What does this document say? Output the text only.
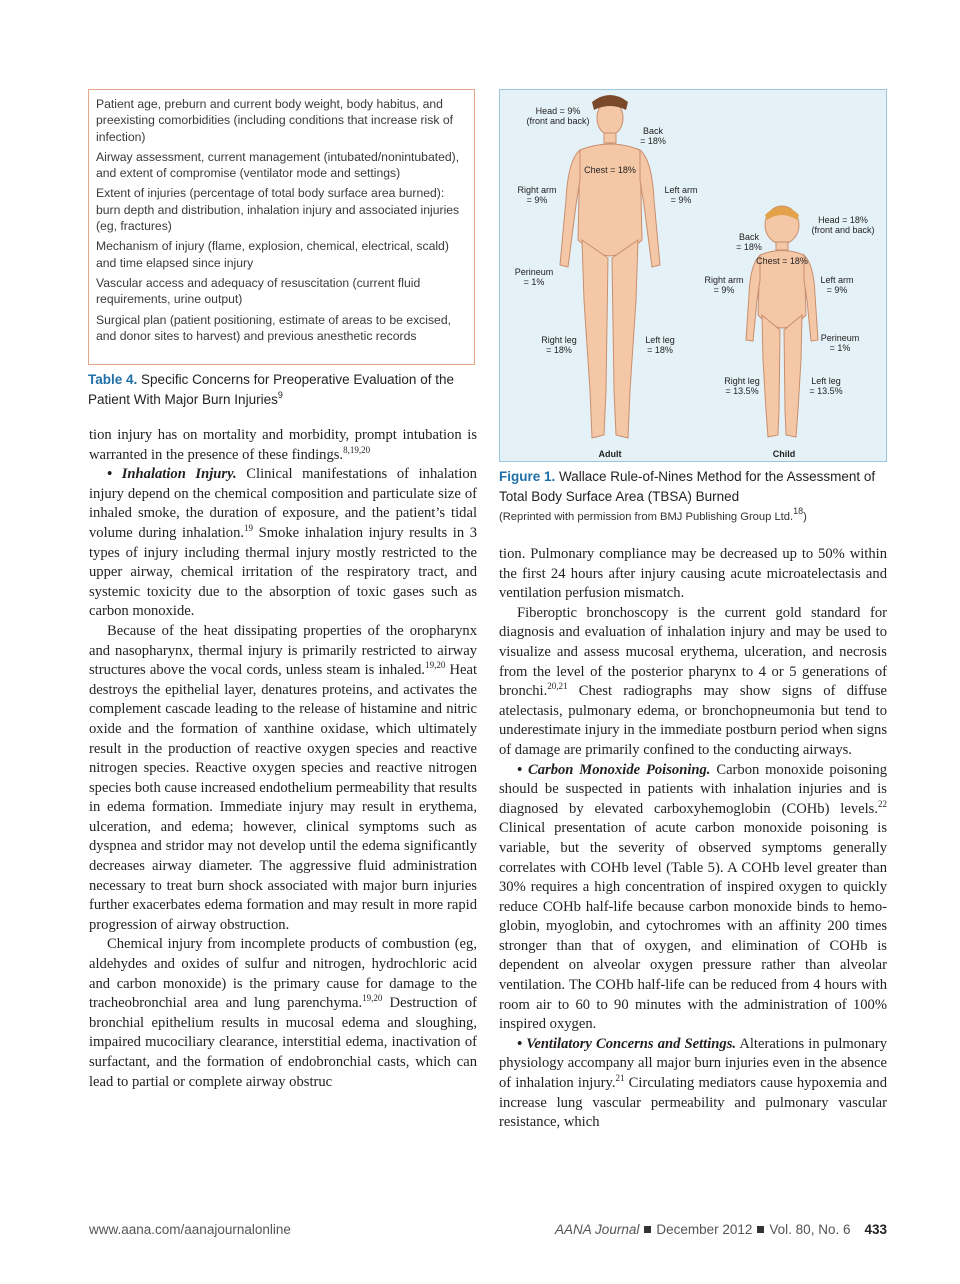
Patient age, preburn and current body weight, body habitus, and preexisting comorbidities (including conditions that increase risk of infection)
Airway assessment, current management (intubated/nonintubated), and extent of compromise (ventilator mode and settings)
Extent of injuries (percentage of total body surface area burned): burn depth and distribution, inhalation injury and associated injuries (eg, fractures)
Mechanism of injury (flame, explosion, chemical, electrical, scald) and time elapsed since injury
Vascular access and adequacy of resuscitation (current fluid requirements, urine output)
Surgical plan (patient positioning, estimate of areas to be excised, and donor sites to harvest) and previous anesthetic records
Table 4. Specific Concerns for Preoperative Evaluation of the Patient With Major Burn Injuries$^9$
Head = 9%
(front and back)
Back
= 18%
Chest = 18%
Right arm
= 9%
Left arm
= 9%
Perineum
= 1%
Right leg
= 18%
Left leg
= 18%
Adult
Head = 18%
(front and back)
Back
= 18%
Chest = 18%
Right arm
= 9%
Left arm
= 9%
Perineum
= 1%
Right leg
= 13.5%
Left leg
= 13.5%
Child
Figure 1. Wallace Rule-of-Nines Method for the Assessment of Total Body Surface Area (TBSA) Burned
(Reprinted with permission from BMJ Publishing Group Ltd.$^{18}$)

tion injury has on mortality and morbidity, prompt intubation is warranted in the presence of these findings.$^{8,19,20}$

• Inhalation Injury. Clinical manifestations of inhalation injury depend on the chemical composition and particulate size of inhaled smoke, the duration of exposure, and the patient’s tidal volume during inhalation.$^{19}$ Smoke inhalation injury results in 3 types of injury including thermal injury mostly restricted to the upper airway, chemical irritation of the respiratory tract, and systemic toxicity due to the absorption of toxic gases such as carbon monoxide.

Because of the heat dissipating properties of the oropharynx and nasopharynx, thermal injury is primarily restricted to airway structures above the vocal cords, unless steam is inhaled.$^{19,20}$ Heat destroys the epithelial layer, denatures proteins, and activates the complement cascade leading to the release of histamine and nitric oxide and the formation of xanthine oxidase, which ultimately result in the production of reactive oxygen species and reactive nitrogen species. Reactive oxygen species and reactive nitrogen species both cause increased endothelium permeability that results in edema formation. Immediate injury may result in erythema, ulceration, and edema; however, clinical symptoms such as dyspnea and stridor may not develop until the edema significantly decreases airway diameter. The aggressive fluid administration necessary to treat burn shock associated with major burn injuries further exacerbates edema formation and may result in more rapid progression of airway obstruction.

Chemical injury from incomplete products of combustion (eg, aldehydes and oxides of sulfur and nitrogen, hydrochloric acid and carbon monoxide) is the primary cause for damage to the tracheobronchial area and lung parenchyma.$^{19,20}$ Destruction of bronchial epithelium results in mucosal edema and sloughing, impaired mucociliary clearance, interstitial edema, inactivation of surfactant, and the formation of endobronchial casts, which can lead to partial or complete airway obstruc

tion. Pulmonary compliance may be decreased up to 50% within the first 24 hours after injury causing acute microatelectasis and ventilation perfusion mismatch.

Fiberoptic bronchoscopy is the current gold standard for diagnosis and evaluation of inhalation injury and may be used to visualize and assess mucosal erythema, ulceration, and necrosis from the level of the posterior pharynx to 4 or 5 generations of bronchi.$^{20,21}$ Chest radiographs may show signs of diffuse atelectasis, pulmonary edema, or bronchopneumonia but tend to underestimate injury in the immediate postburn period when signs of damage are primarily confined to the conducting airways.

• Carbon Monoxide Poisoning. Carbon monoxide poisoning should be suspected in patients with inhalation injuries and is diagnosed by elevated carboxyhemoglobin (COHb) levels.$^{22}$ Clinical presentation of acute carbon monoxide poisoning is variable, but the severity of observed symptoms generally correlates with COHb level (Table 5). A COHb level greater than 30% requires a high concentration of inspired oxygen to quickly reduce COHb half-life because carbon monoxide binds to hemoglobin, myoglobin, and cytochromes with an affinity 200 times stronger than that of oxygen, and elimination of COHb is dependent on alveolar oxygen pressure rather than alveolar ventilation. The COHb half-life can be reduced from 4 hours with room air to 60 to 90 minutes with the administration of 100% inspired oxygen.

• Ventilatory Concerns and Settings. Alterations in pulmonary physiology accompany all major burn injuries even in the absence of inhalation injury.$^{21}$ Circulating mediators cause hypoxemia and increase lung vascular permeability and pulmonary vascular resistance, which

www.aana.com/aanajournalonline	AANA Journal December 2012 Vol. 80, No. 6 433
